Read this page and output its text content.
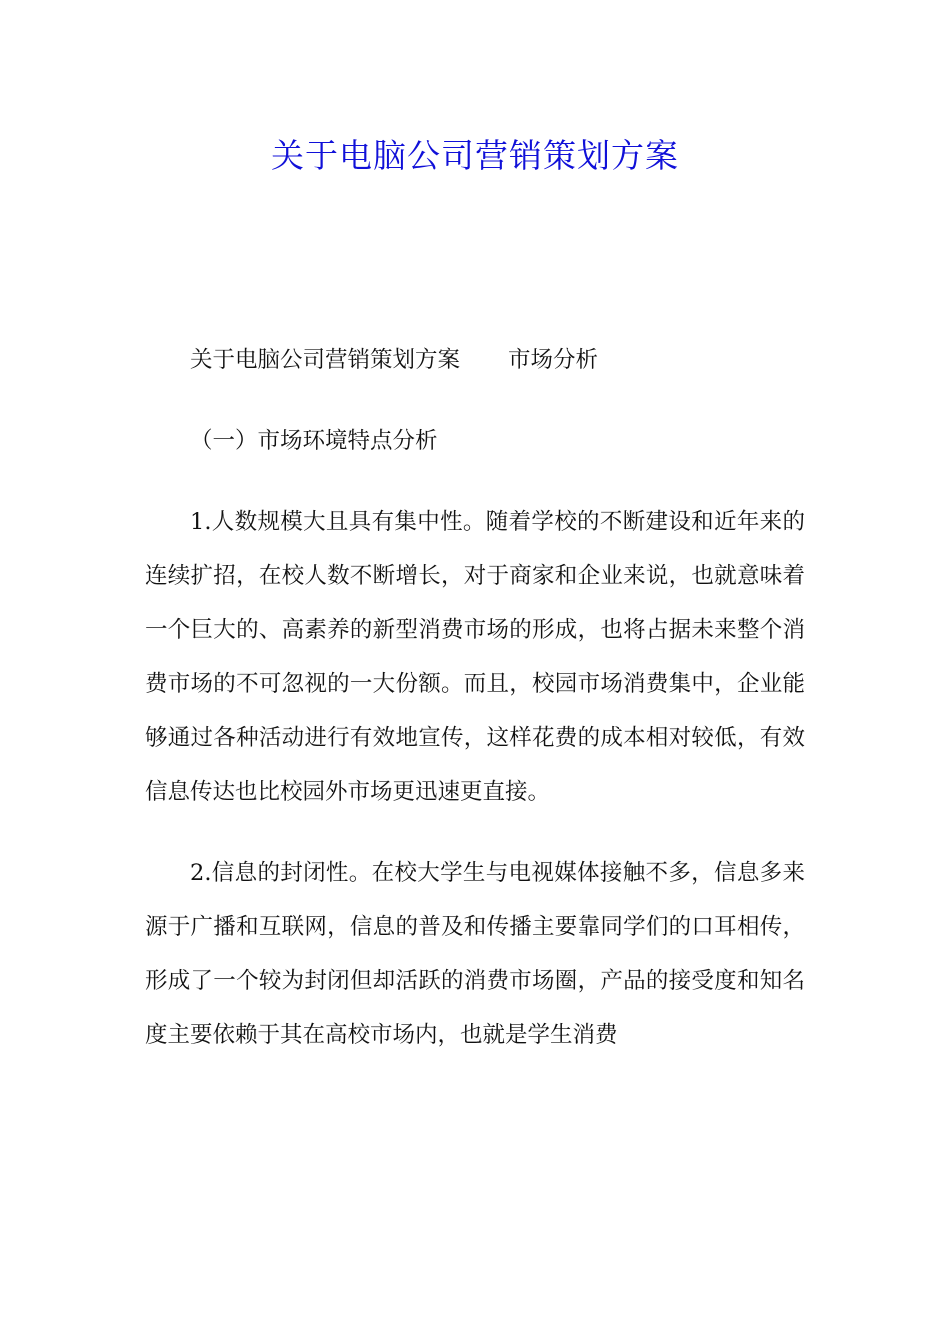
关于电脑公司营销策划方案

关于电脑公司营销策划方案 市场分析

（一）市场环境特点分析

1.人数规模大且具有集中性。随着学校的不断建设和近年来的连续扩招，在校人数不断增长，对于商家和企业来说，也就意味着一个巨大的、高素养的新型消费市场的形成，也将占据未来整个消费市场的不可忽视的一大份额。而且，校园市场消费集中，企业能够通过各种活动进行有效地宣传，这样花费的成本相对较低，有效信息传达也比校园外市场更迅速更直接。

2.信息的封闭性。在校大学生与电视媒体接触不多，信息多来源于广播和互联网，信息的普及和传播主要靠同学们的口耳相传，形成了一个较为封闭但却活跃的消费市场圈，产品的接受度和知名度主要依赖于其在高校市场内，也就是学生消费
